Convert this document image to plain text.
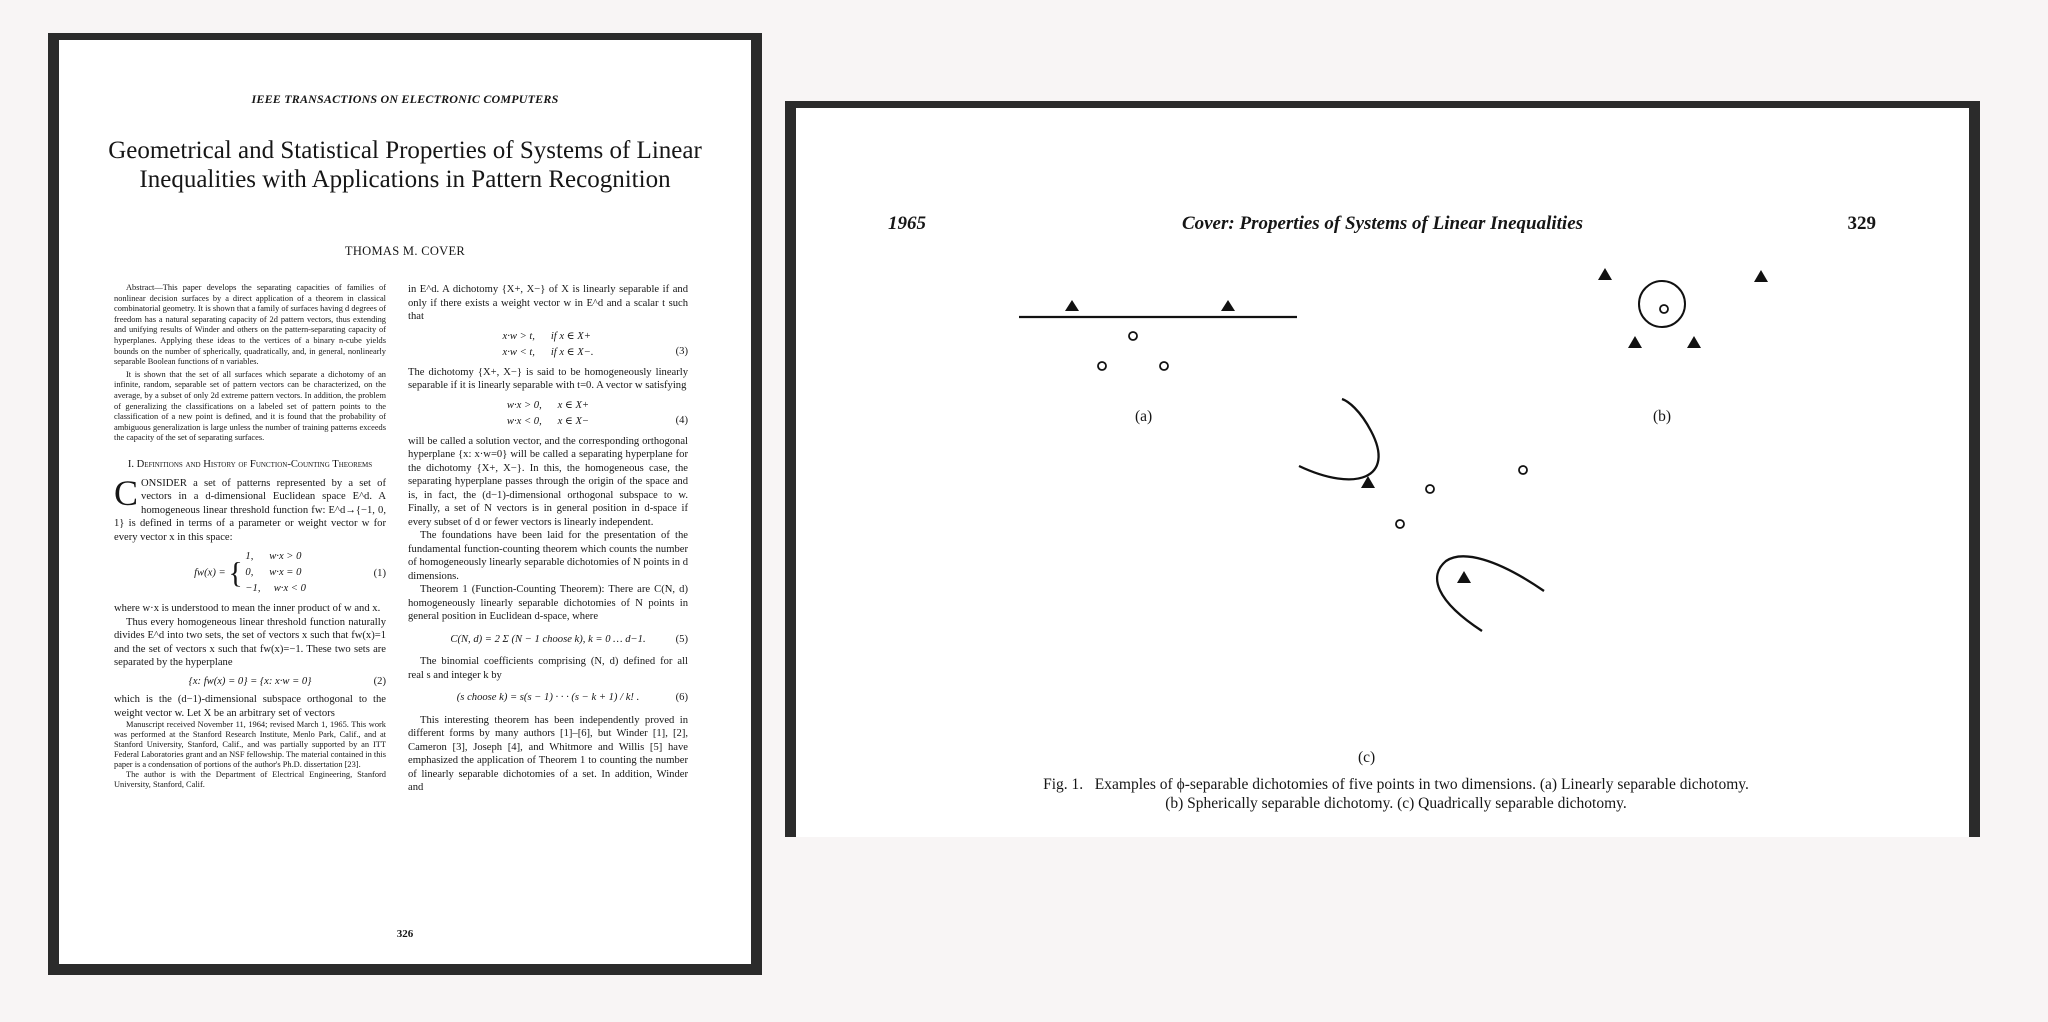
IEEE TRANSACTIONS ON ELECTRONIC COMPUTERS
Geometrical and Statistical Properties of Systems of Linear Inequalities with Applications in Pattern Recognition
THOMAS M. COVER

Abstract—This paper develops the separating capacities of families of nonlinear decision surfaces by a direct application of a theorem in classical combinatorial geometry. It is shown that a family of surfaces having d degrees of freedom has a natural separating capacity of 2d pattern vectors, thus extending and unifying results of Winder and others on the pattern-separating capacity of hyperplanes. Applying these ideas to the vertices of a binary n-cube yields bounds on the number of spherically, quadratically, and, in general, nonlinearly separable Boolean functions of n variables.

It is shown that the set of all surfaces which separate a dichotomy of an infinite, random, separable set of pattern vectors can be characterized, on the average, by a subset of only 2d extreme pattern vectors. In addition, the problem of generalizing the classifications on a labeled set of pattern points to the classification of a new point is defined, and it is found that the probability of ambiguous generalization is large unless the number of training patterns exceeds the capacity of the set of separating surfaces.

I. Definitions and History of Function-Counting Theorems

CONSIDER a set of patterns represented by a set of vectors in a d-dimensional Euclidean space E^d. A homogeneous linear threshold function fw: E^d→{−1, 0, 1} is defined in terms of a parameter or weight vector w for every vector x in this space:

fw(x) = { 1,      w·x > 0
0,      w·x = 0
−1,     w·x < 0
(1)

where w·x is understood to mean the inner product of w and x.

Thus every homogeneous linear threshold function naturally divides E^d into two sets, the set of vectors x such that fw(x)=1 and the set of vectors x such that fw(x)=−1. These two sets are separated by the hyperplane

{x: fw(x) = 0} = {x: x·w = 0}	(2)

which is the (d−1)-dimensional subspace orthogonal to the weight vector w. Let X be an arbitrary set of vectors

Manuscript received November 11, 1964; revised March 1, 1965. This work was performed at the Stanford Research Institute, Menlo Park, Calif., and at Stanford University, Stanford, Calif., and was partially supported by an ITT Federal Laboratories grant and an NSF fellowship. The material contained in this paper is a condensation of portions of the author's Ph.D. dissertation [23].

The author is with the Department of Electrical Engineering, Stanford University, Stanford, Calif.

in E^d. A dichotomy {X+, X−} of X is linearly separable if and only if there exists a weight vector w in E^d and a scalar t such that

x·w > t,      if x ∈ X+
x·w < t,      if x ∈ X−.	(3)

The dichotomy {X+, X−} is said to be homogeneously linearly separable if it is linearly separable with t=0. A vector w satisfying

w·x > 0,      x ∈ X+
w·x < 0,      x ∈ X−	(4)

will be called a solution vector, and the corresponding orthogonal hyperplane {x: x·w=0} will be called a separating hyperplane for the dichotomy {X+, X−}. In this, the homogeneous case, the separating hyperplane passes through the origin of the space and is, in fact, the (d−1)-dimensional orthogonal subspace to w. Finally, a set of N vectors is in general position in d-space if every subset of d or fewer vectors is linearly independent.

The foundations have been laid for the presentation of the fundamental function-counting theorem which counts the number of homogeneously linearly separable dichotomies of N points in d dimensions.

Theorem 1 (Function-Counting Theorem): There are C(N, d) homogeneously linearly separable dichotomies of N points in general position in Euclidean d-space, where

C(N, d) = 2 Σ (N − 1 choose k), k = 0 … d−1.	(5)

The binomial coefficients comprising (N, d) defined for all real s and integer k by

(s choose k) = s(s − 1) · · · (s − k + 1) / k! .	(6)

This interesting theorem has been independently proved in different forms by many authors [1]–[6], but Winder [1], [2], Cameron [3], Joseph [4], and Whitmore and Willis [5] have emphasized the application of Theorem 1 to counting the number of linearly separable dichotomies of a set. In addition, Winder and

326
1965	Cover: Properties of Systems of Linear Inequalities	329
(a)	(b)
(c)
Fig. 1.   Examples of ϕ-separable dichotomies of five points in two dimensions. (a) Linearly separable dichotomy.
(b) Spherically separable dichotomy. (c) Quadrically separable dichotomy.
